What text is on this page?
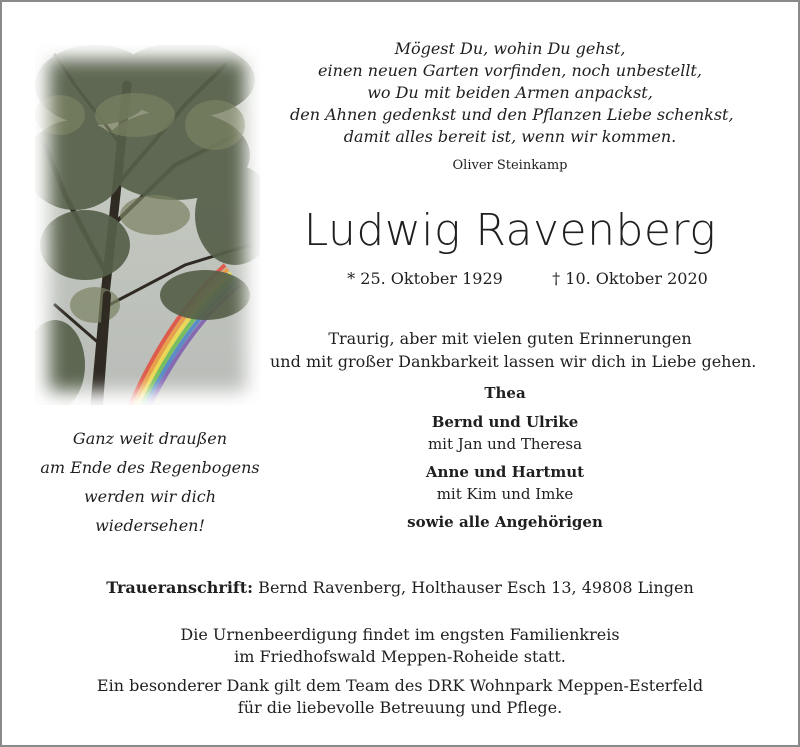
Mögest Du, wohin Du gehst,
einen neuen Garten vorfinden, noch unbestellt,
wo Du mit beiden Armen anpackst,
den Ahnen gedenkst und den Pflanzen Liebe schenkst,
damit alles bereit ist, wenn wir kommen.
Oliver Steinkamp
Ludwig Ravenberg
* 25. Oktober 1929	† 10. Oktober 2020
Traurig, aber mit vielen guten Erinnerungen
und mit großer Dankbarkeit lassen wir dich in Liebe gehen.
Thea
Bernd und Ulrike
mit Jan und Theresa
Anne und Hartmut
mit Kim und Imke
sowie alle Angehörigen
Ganz weit draußen
am Ende des Regenbogens
werden wir dich
wiedersehen!
Traueranschrift: Bernd Ravenberg, Holthauser Esch 13, 49808 Lingen
Die Urnenbeerdigung findet im engsten Familienkreis
im Friedhofswald Meppen-Roheide statt.
Ein besonderer Dank gilt dem Team des DRK Wohnpark Meppen-Esterfeld
für die liebevolle Betreuung und Pflege.
